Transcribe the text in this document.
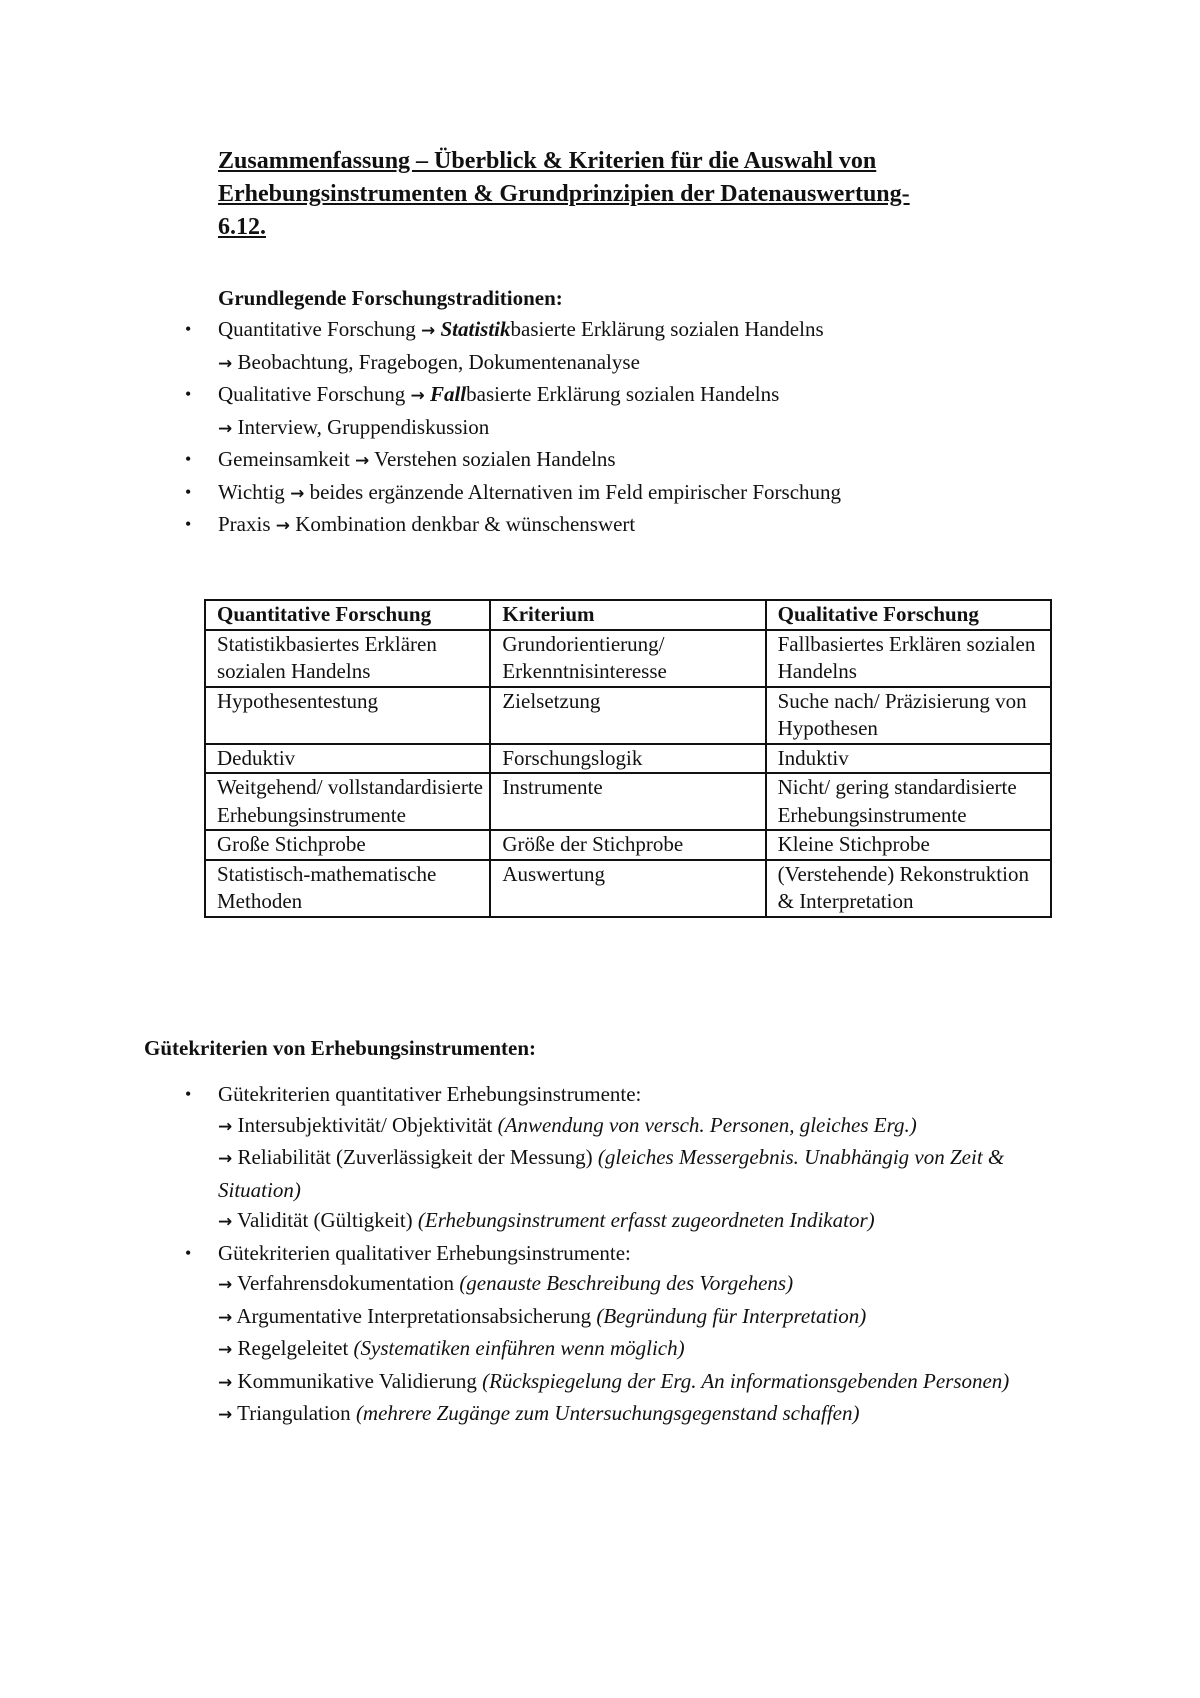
Zusammenfassung – Überblick & Kriterien für die Auswahl von
Erhebungsinstrumenten & Grundprinzipien der Datenauswertung-
6.12.
Grundlegende Forschungstraditionen:
• Quantitative Forschung → Statistikbasierte Erklärung sozialen Handelns
→ Beobachtung, Fragebogen, Dokumentenanalyse
• Qualitative Forschung → Fallbasierte Erklärung sozialen Handelns
→ Interview, Gruppendiskussion
• Gemeinsamkeit → Verstehen sozialen Handelns
• Wichtig → beides ergänzende Alternativen im Feld empirischer Forschung
• Praxis → Kombination denkbar & wünschenswert
Quantitative Forschung	Kriterium	Qualitative Forschung
Statistikbasiertes Erklären sozialen Handelns	Grundorientierung/ Erkenntnisinteresse	Fallbasiertes Erklären sozialen Handelns
Hypothesentestung	Zielsetzung	Suche nach/ Präzisierung von Hypothesen
Deduktiv	Forschungslogik	Induktiv
Weitgehend/ vollstandardisierte Erhebungsinstrumente	Instrumente	Nicht/ gering standardisierte Erhebungsinstrumente
Große Stichprobe	Größe der Stichprobe	Kleine Stichprobe
Statistisch-mathematische Methoden	Auswertung	(Verstehende) Rekonstruktion & Interpretation
Gütekriterien von Erhebungsinstrumenten:
• Gütekriterien quantitativer Erhebungsinstrumente:
→ Intersubjektivität/ Objektivität (Anwendung von versch. Personen, gleiches Erg.)
→ Reliabilität (Zuverlässigkeit der Messung) (gleiches Messergebnis. Unabhängig von Zeit & Situation)
→ Validität (Gültigkeit) (Erhebungsinstrument erfasst zugeordneten Indikator)
• Gütekriterien qualitativer Erhebungsinstrumente:
→ Verfahrensdokumentation (genauste Beschreibung des Vorgehens)
→ Argumentative Interpretationsabsicherung (Begründung für Interpretation)
→ Regelgeleitet (Systematiken einführen wenn möglich)
→ Kommunikative Validierung (Rückspiegelung der Erg. An informationsgebenden Personen)
→ Triangulation (mehrere Zugänge zum Untersuchungsgegenstand schaffen)
